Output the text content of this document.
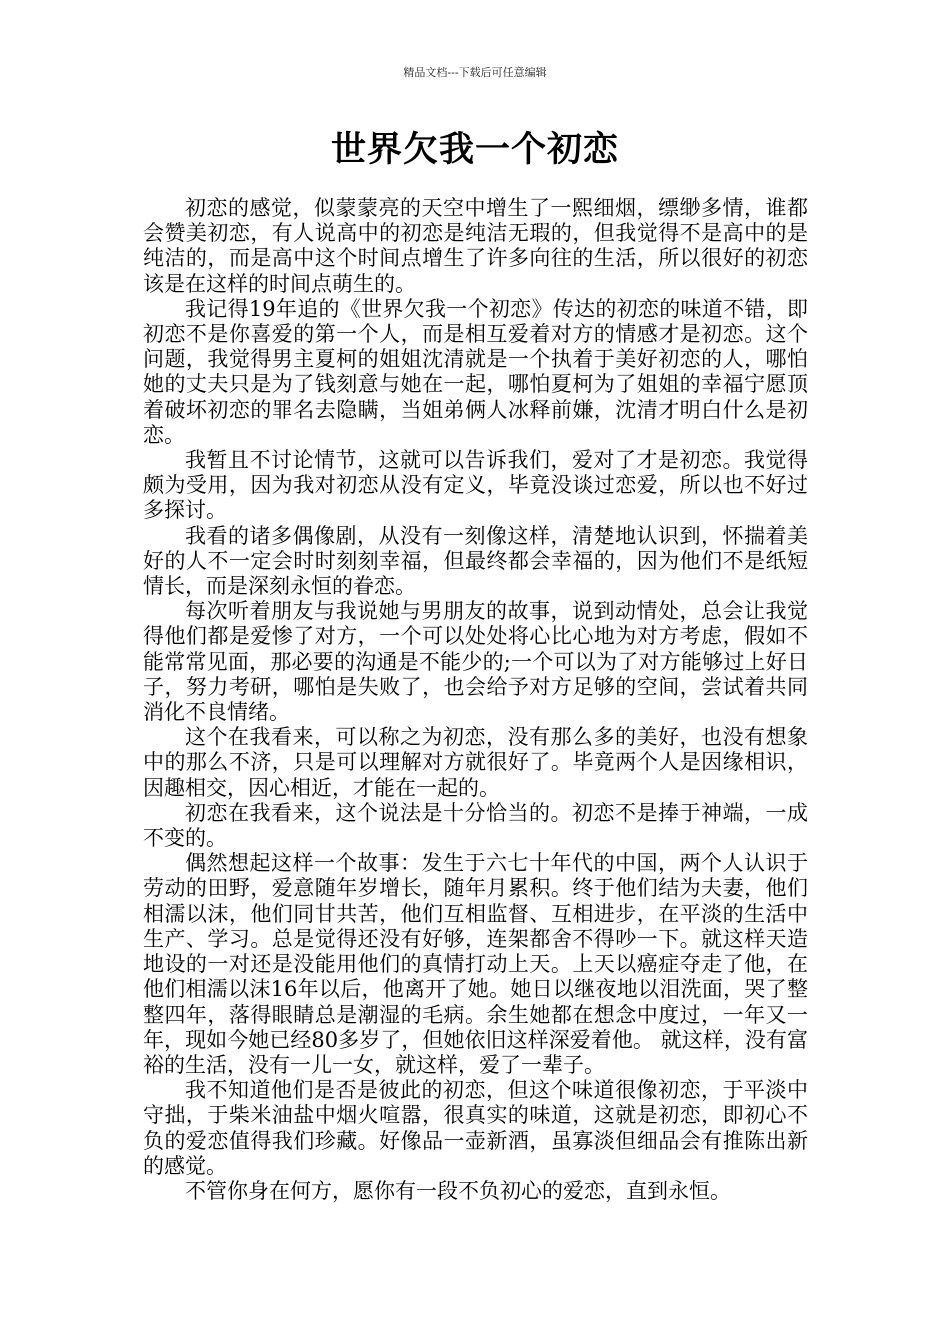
精品文档---下载后可任意编辑
世界欠我一个初恋

初恋的感觉，似蒙蒙亮的天空中增生了一熙细烟，缥缈多情，谁都会赞美初恋，有人说高中的初恋是纯洁无瑕的，但我觉得不是高中的是纯洁的，而是高中这个时间点增生了许多向往的生活，所以很好的初恋该是在这样的时间点萌生的。

我记得19年追的《世界欠我一个初恋》传达的初恋的味道不错，即初恋不是你喜爱的第一个人，而是相互爱着对方的情感才是初恋。这个问题，我觉得男主夏柯的姐姐沈清就是一个执着于美好初恋的人，哪怕她的丈夫只是为了钱刻意与她在一起，哪怕夏柯为了姐姐的幸福宁愿顶着破坏初恋的罪名去隐瞒，当姐弟俩人冰释前嫌，沈清才明白什么是初恋。

我暂且不讨论情节，这就可以告诉我们，爱对了才是初恋。我觉得颇为受用，因为我对初恋从没有定义，毕竟没谈过恋爱，所以也不好过多探讨。

我看的诸多偶像剧，从没有一刻像这样，清楚地认识到，怀揣着美好的人不一定会时时刻刻幸福，但最终都会幸福的，因为他们不是纸短情长，而是深刻永恒的眷恋。

每次听着朋友与我说她与男朋友的故事，说到动情处，总会让我觉得他们都是爱惨了对方，一个可以处处将心比心地为对方考虑，假如不能常常见面，那必要的沟通是不能少的;一个可以为了对方能够过上好日子，努力考研，哪怕是失败了，也会给予对方足够的空间，尝试着共同消化不良情绪。

这个在我看来，可以称之为初恋，没有那么多的美好，也没有想象中的那么不济，只是可以理解对方就很好了。毕竟两个人是因缘相识，因趣相交，因心相近，才能在一起的。

初恋在我看来，这个说法是十分恰当的。初恋不是捧于神端，一成不变的。

偶然想起这样一个故事：发生于六七十年代的中国，两个人认识于劳动的田野，爱意随年岁增长，随年月累积。终于他们结为夫妻，他们相濡以沫，他们同甘共苦，他们互相监督、互相进步，在平淡的生活中生产、学习。总是觉得还没有好够，连架都舍不得吵一下。就这样天造地设的一对还是没能用他们的真情打动上天。上天以癌症夺走了他，在他们相濡以沫16年以后，他离开了她。她日以继夜地以泪洗面，哭了整整四年，落得眼睛总是潮湿的毛病。余生她都在想念中度过，一年又一年，现如今她已经80多岁了，但她依旧这样深爱着他。 就这样，没有富裕的生活，没有一儿一女，就这样，爱了一辈子。

我不知道他们是否是彼此的初恋，但这个味道很像初恋，于平淡中守拙，于柴米油盐中烟火喧嚣，很真实的味道，这就是初恋，即初心不负的爱恋值得我们珍藏。好像品一壶新酒，虽寡淡但细品会有推陈出新的感觉。

不管你身在何方，愿你有一段不负初心的爱恋，直到永恒。
